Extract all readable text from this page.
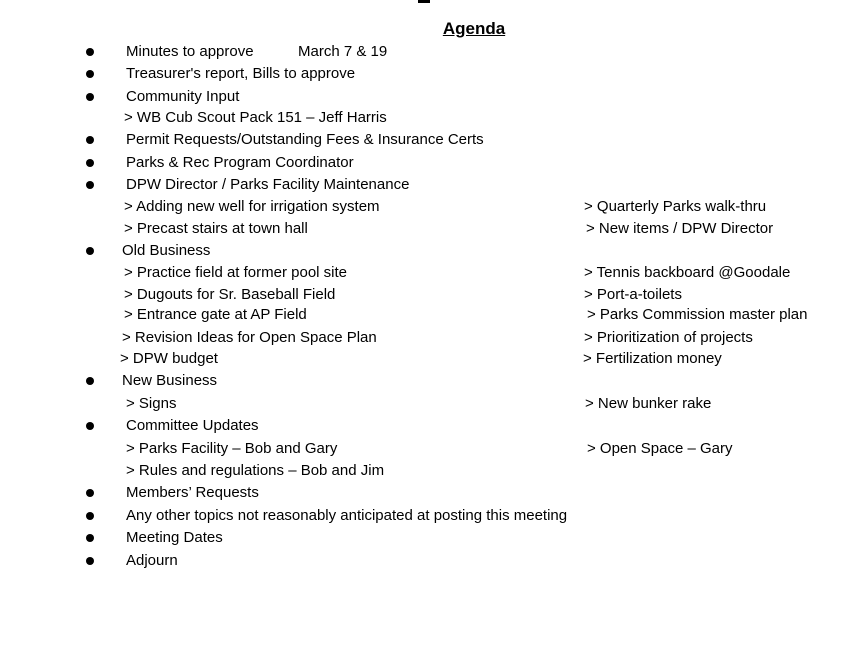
Agenda
Minutes to approve	March 7 & 19
Treasurer's report, Bills to approve
Community Input
> WB Cub Scout Pack 151 – Jeff Harris
Permit Requests/Outstanding Fees & Insurance Certs
Parks & Rec Program Coordinator
DPW Director / Parks Facility Maintenance
> Adding new well for irrigation system	> Quarterly Parks walk-thru
> Precast stairs at town hall	> New items / DPW Director
Old Business
> Practice field at former pool site	> Tennis backboard @Goodale
> Dugouts for Sr. Baseball Field	> Port-a-toilets
> Entrance gate at AP Field	> Parks Commission master plan
> Revision Ideas for Open Space Plan	> Prioritization of projects
> DPW budget	> Fertilization money
New Business
> Signs	> New bunker rake
Committee Updates
> Parks Facility – Bob and Gary	> Open Space – Gary
> Rules and regulations – Bob and Jim
Members’ Requests
Any other topics not reasonably anticipated at posting this meeting
Meeting Dates
Adjourn
